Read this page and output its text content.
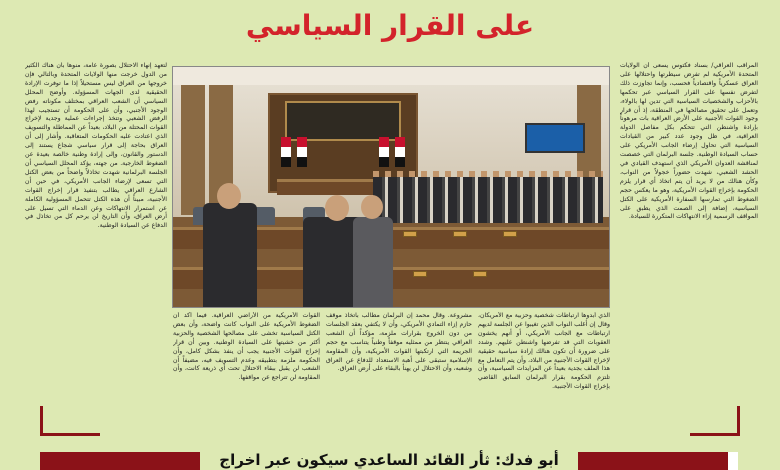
على القرار السياسي
المراقب العراقي/ بسناد فكتوس يسعى أن الولايات المتحدة الأمريكية لم تفرض سيطرتها واحتلالها على العراق عسكرياً واقتصادياً فحسب، وإنما تجاوزت ذلك لتفرض نفسها على القرار السياسي عبر تحكمها بالأحزاب والشخصيات السياسية التي تدين لها بالولاء، وتعمل على تحقيق مصالحها في المنطقة، إذ أن قرار وجود القوات الأجنبية على الأرض العراقية بات مرهوناً بإرادة واشنطن التي تتحكم بكل مفاصل الدولة العراقية، في ظل وجود عدد كبير من القيادات السياسية التي تحاول إرضاء الجانب الأمريكي على حساب السيادة الوطنية. جلسة البرلمان التي خصصت لمناقشة العدوان الأمريكي الذي استهدف القيادي في الحشد الشعبي، شهدت حضوراً خجولاً من النواب، وكأن هنالك من لا يريد أن يتم اتخاذ أي قرار يلزم الحكومة بإخراج القوات الأمريكية، وهو ما يعكس حجم الضغوط التي تمارسها السفارة الأمريكية على الكتل السياسية، إضافة إلى الصمت الذي يطبق على المواقف الرسمية إزاء الانتهاكات المتكررة للسيادة.
لتعهد إنهاء الاحتلال بصورة عامة، منوهاً بأن هناك الكثير من الدول خرجت منها الولايات المتحدة وبالتالي فإن خروجها من العراق ليس مستحيلاً إذا ما توفرت الإرادة الحقيقية لدى الجهات المسؤولة. وأوضح المحلل السياسي أن الشعب العراقي بمختلف مكوناته رفض الوجود الأجنبي، وأن على الحكومة أن تستجيب لهذا الرفض الشعبي وتتخذ إجراءات عملية وجدية لإخراج القوات المحتلة من البلاد، بعيداً عن المماطلة والتسويف الذي اعتادت عليه الحكومات المتعاقبة. وأشار إلى أن العراق بحاجة إلى قرار سياسي شجاع يستند إلى الدستور والقانون، وإلى إرادة وطنية خالصة بعيدة عن الضغوط الخارجية. من جهته، يؤكد المحلل السياسي أن الجلسة البرلمانية شهدت تخاذلاً واضحاً من بعض الكتل التي تسعى لإرضاء الجانب الأمريكي، في حين أن الشارع العراقي يطالب بتنفيذ قرار إخراج القوات الأجنبية، مبيناً أن هذه الكتل تتحمل المسؤولية الكاملة عن استمرار الانتهاكات وعن الدماء التي تسيل على أرض العراق، وأن التاريخ لن يرحم كل من تخاذل في الدفاع عن السيادة الوطنية.
الذي أبدوها ارتباطات شخصية وحزبية مع الأمريكان، وقال إن أغلب النواب الذين تغيبوا عن الجلسة لديهم ارتباطات مع الجانب الأمريكي، أو أنهم يخشون العقوبات التي قد تفرضها واشنطن عليهم. وشدد على ضرورة أن تكون هنالك إرادة سياسية حقيقية لإخراج القوات الأجنبية من البلاد، وأن يتم التعامل مع هذا الملف بجدية بعيداً عن المزايدات السياسية، وأن تلتزم الحكومة بقرار البرلمان السابق القاضي بإخراج القوات الأجنبية.
مشروعة. وقال محمد إن البرلمان مطالب باتخاذ موقف حازم إزاء التمادي الأمريكي، وأن لا يكتفي بعقد الجلسات من دون الخروج بقرارات ملزمة، مؤكداً أن الشعب العراقي ينتظر من ممثليه موقفاً وطنياً يتناسب مع حجم الجريمة التي ارتكبتها القوات الأمريكية، وأن المقاومة الإسلامية ستبقى على أهبة الاستعداد للدفاع عن العراق وشعبه، وأن الاحتلال لن يهنأ بالبقاء على أرض العراق.
القوات الأمريكية من الأراضي العراقية. فيما أكد أن الضغوط الأمريكية على النواب كانت واضحة، وأن بعض الكتل السياسية تخشى على مصالحها الشخصية والحزبية أكثر من خشيتها على السيادة الوطنية. وبين أن قرار إخراج القوات الأجنبية يجب أن ينفذ بشكل كامل، وأن الحكومة ملزمة بتطبيقه وعدم التسويف فيه، مضيفاً أن الشعب لن يقبل ببقاء الاحتلال تحت أي ذريعة كانت، وأن المقاومة لن تتراجع عن مواقفها.
أبو فدك: ثأر القائد الساعدي سيكون عبر اخراج
